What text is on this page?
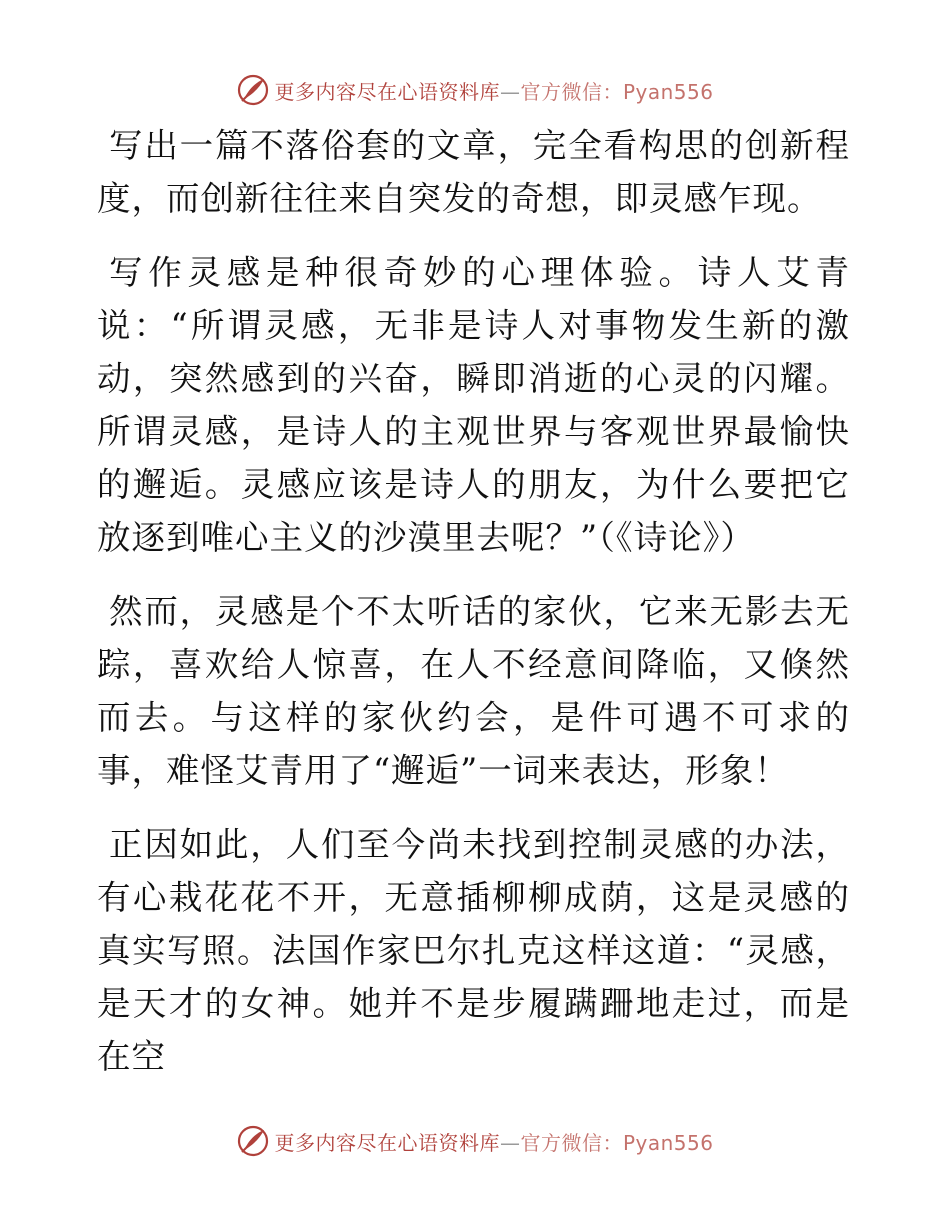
更多内容尽在心语资料库—官方微信：Pyan556

写出一篇不落俗套的文章，完全看构思的创新程度，而创新往往来自突发的奇想，即灵感乍现。

写作灵感是种很奇妙的心理体验。诗人艾青说：“所谓灵感，无非是诗人对事物发生新的激动，突然感到的兴奋，瞬即消逝的心灵的闪耀。所谓灵感，是诗人的主观世界与客观世界最愉快的邂逅。灵感应该是诗人的朋友，为什么要把它放逐到唯心主义的沙漠里去呢？”（《诗论》）

然而，灵感是个不太听话的家伙，它来无影去无踪，喜欢给人惊喜，在人不经意间降临，又倏然而去。与这样的家伙约会，是件可遇不可求的事，难怪艾青用了“邂逅”一词来表达，形象！

正因如此，人们至今尚未找到控制灵感的办法，有心栽花花不开，无意插柳柳成荫，这是灵感的真实写照。法国作家巴尔扎克这样这道：“灵感，是天才的女神。她并不是步履蹒跚地走过，而是在空

更多内容尽在心语资料库—官方微信：Pyan556
